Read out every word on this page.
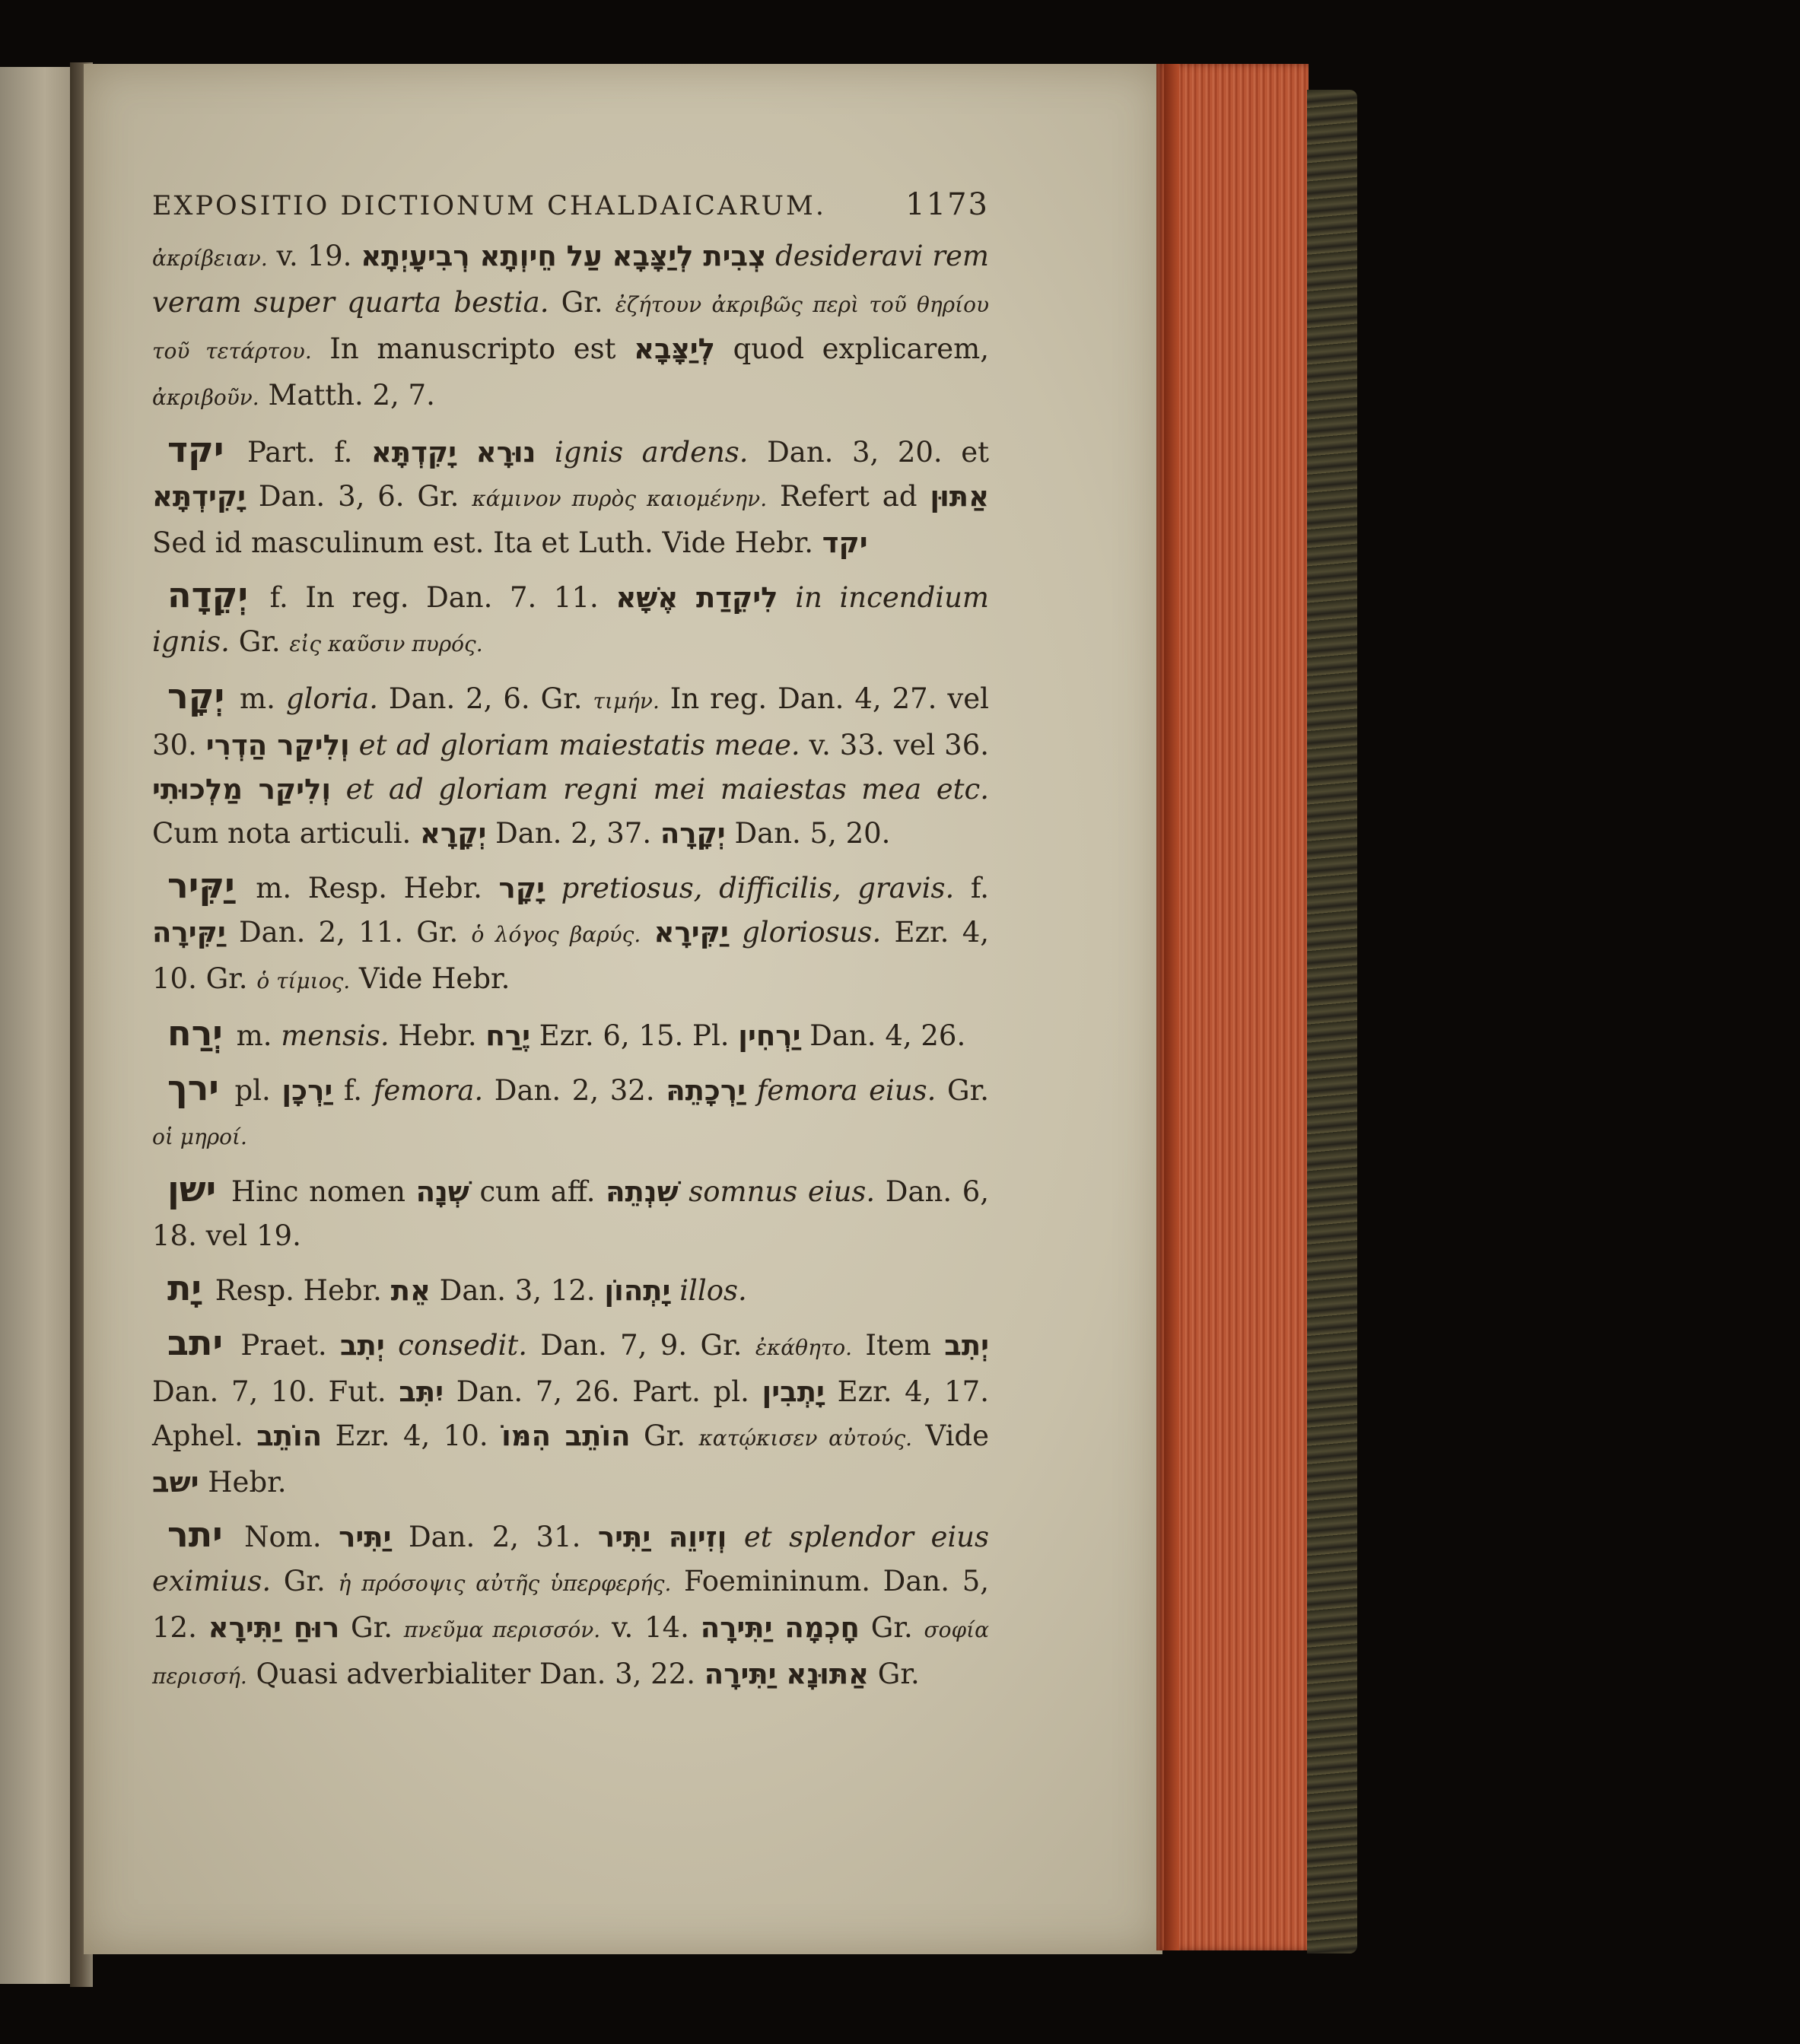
EXPOSITIO DICTIONUM CHALDAICARUM.	1173

ἀκρίβειαν. v. 19. צְבִית לְיַצָּבָא עַל חֵיוְתָא רְבִיעָיְתָא desideravi rem veram super quarta bestia. Gr. ἐζήτουν ἀκριβῶς περὶ τοῦ θηρίου τοῦ τετάρτου. In manuscripto est לְיַצָּבָא quod explicarem, ἀκριβοῦν. Matth. 2, 7.

יקד Part. f. נוּרָא יָקִדְתָּא ignis ardens. Dan. 3, 20. et יָקִידְתָּא Dan. 3, 6. Gr. κάμινον πυρὸς καιομένην. Refert ad אַתּוּן Sed id masculinum est. Ita et Luth. Vide Hebr. יקד

יְקֵדָה f. In reg. Dan. 7. 11. לִיקֵדַת אֶשָּׁא in incendium ignis. Gr. εἰς καῦσιν πυρός.

יְקָר m. gloria. Dan. 2, 6. Gr. τιμήν. In reg. Dan. 4, 27. vel 30. וְלִיקַר הַדְרִי et ad gloriam maiestatis meae. v. 33. vel 36. וְלִיקַר מַלְכוּתִי et ad gloriam regni mei maiestas mea etc. Cum nota articuli. יְקָרָא Dan. 2, 37. יְקָרָה Dan. 5, 20.

יַקִּיר m. Resp. Hebr. יָקָר pretiosus, difficilis, gravis. f. יַקִּירָה Dan. 2, 11. Gr. ὁ λόγος βαρύς. יַקִּירָא gloriosus. Ezr. 4, 10. Gr. ὁ τίμιος. Vide Hebr.

יְרַח m. mensis. Hebr. יֶרַח Ezr. 6, 15. Pl. יַרְחִין Dan. 4, 26.

ירך pl. יַרְכָן f. femora. Dan. 2, 32. יַרְכָתֵהּ femora eius. Gr. οἱ μηροί.

ישן Hinc nomen שְׁנָה cum aff. שִׁנְתֵהּ somnus eius. Dan. 6, 18. vel 19.

יָת Resp. Hebr. אֵת Dan. 3, 12. יָתְהוֹן illos.

יתב Praet. יְתִב consedit. Dan. 7, 9. Gr. ἐκάθητο. Item יְתִב Dan. 7, 10. Fut. יִתִּב Dan. 7, 26. Part. pl. יָתְבִין Ezr. 4, 17. Aphel. הוֹתֵב Ezr. 4, 10. הוֹתֵב הִמּוֹ Gr. κατῴκισεν αὐτούς. Vide ישב Hebr.

יתר Nom. יַתִּיר Dan. 2, 31. וְזִיוֵהּ יַתִּיר et splendor eius eximius. Gr. ἡ πρόσοψις αὐτῆς ὑπερφερής. Foemininum. Dan. 5, 12. רוּחַ יַתִּירָא Gr. πνεῦμα περισσόν. v. 14. חָכְמָה יַתִּירָה Gr. σοφία περισσή. Quasi adverbialiter Dan. 3, 22. אַתּוּנָא יַתִּירָה Gr.
